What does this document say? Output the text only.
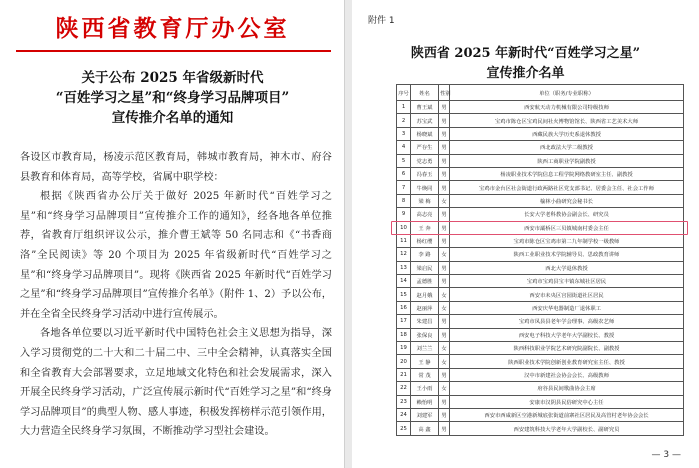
陕西省教育厅办公室
关于公布 2025 年省级新时代
“百姓学习之星”和“终身学习品牌项目”
宣传推介名单的通知

各设区市教育局，杨凌示范区教育局，韩城市教育局，神木市、府谷县教育和体育局，高等学校，省属中职学校：

根据《陕西省办公厅关于做好 2025 年新时代“百姓学习之星”和“终身学习品牌项目”宣传推介工作的通知》，经各地各单位推荐，省教育厅组织评议公示，推介曹王斌等 50 名同志和《“书香商洛”全民阅读》等 20 个项目为 2025 年省级新时代“百姓学习之星”和“终身学习品牌项目”。现将《陕西省 2025 年新时代“百姓学习之星”和“终身学习品牌项目”宣传推介名单》（附件 1、2）予以公布，并在全省全民终身学习活动中进行宣传展示。

各地各单位要以习近平新时代中国特色社会主义思想为指导，深入学习贯彻党的二十大和二十届二中、三中全会精神，认真落实全国和全省教育大会部署要求，立足地域文化特色和社会发展需求，深入开展全民终身学习活动，广泛宣传展示新时代“百姓学习之星”和“终身学习品牌项目”的典型人物、感人事迹，积极发挥榜样示范引领作用，大力营造全民终身学习氛围，不断推动学习型社会建设。

附件 1
陕西省 2025 年新时代“百姓学习之星”
宣传推介名单
序号	姓名	性别	单位（职务/专业职称）
1	曹王斌	男	西安航天动力机械有限公司特级技师
2	苏宝武	男	宝鸡市陈仓区宝鸡民间社火博物馆馆长、陕西省工艺美术大师
3	杨晓斌	男	西藏民族大学历史系退休教授
4	严存生	男	西北政法大学二级教授
5	党志勇	男	陕西工商职业学院副教授
6	冯春玉	男	杨凌职业技术学院信息工程学院网络教研室主任、副教授
7	牛焕同	男	宝鸡市金台区社会街道行政两路社区党支部书记、居委会主任、社会工作师
8	梁 梅	女	榆林小曲研究会秘书长
9	高志亮	男	长安大学老科教协会副会长、研究员
10	王 奔	男	西安市灞桥区三贝镇城南村委会主任
11	杨红缨	男	宝鸡市陈仓区宝鸡市第二九年制学校一级教师
12	李 路	女	陕西工业职业技术学院辅导员、思政教育讲师
13	梁启民	男	西北大学退休教授
14	孟德胜	男	宝鸡市宝鸡县宝丰镇东城社区居民
15	赵月娥	女	西安市未央区宫园街道社区居民
16	赵丽萍	女	西安庆华电器制造厂退休职工
17	朱建昌	男	宝鸡市凤县县老年学会理事、高级农艺师
18	张保良	男	西安电子科技大学老年大学副校长、教授
19	刘兰兰	女	陕西科技职业学院艺术研究院副院长、副教授
20	王 静	女	陕西职业技术学院创新创业教育研究室主任、教授
21	常 茂	男	汉中市新建社会协会会长、高级教师
22	王小雨	女	府谷县民间歌曲协会主席
23	赖怡明	男	安康市汉阴县民俗研究中心主任
24	刘建军	男	西安市西咸新区空港新城底张街道前寨社区居民及高管村老年协会会长
25	高 鑫	男	西安建筑科技大学老年大学副校长、副研究员
— 3 —
